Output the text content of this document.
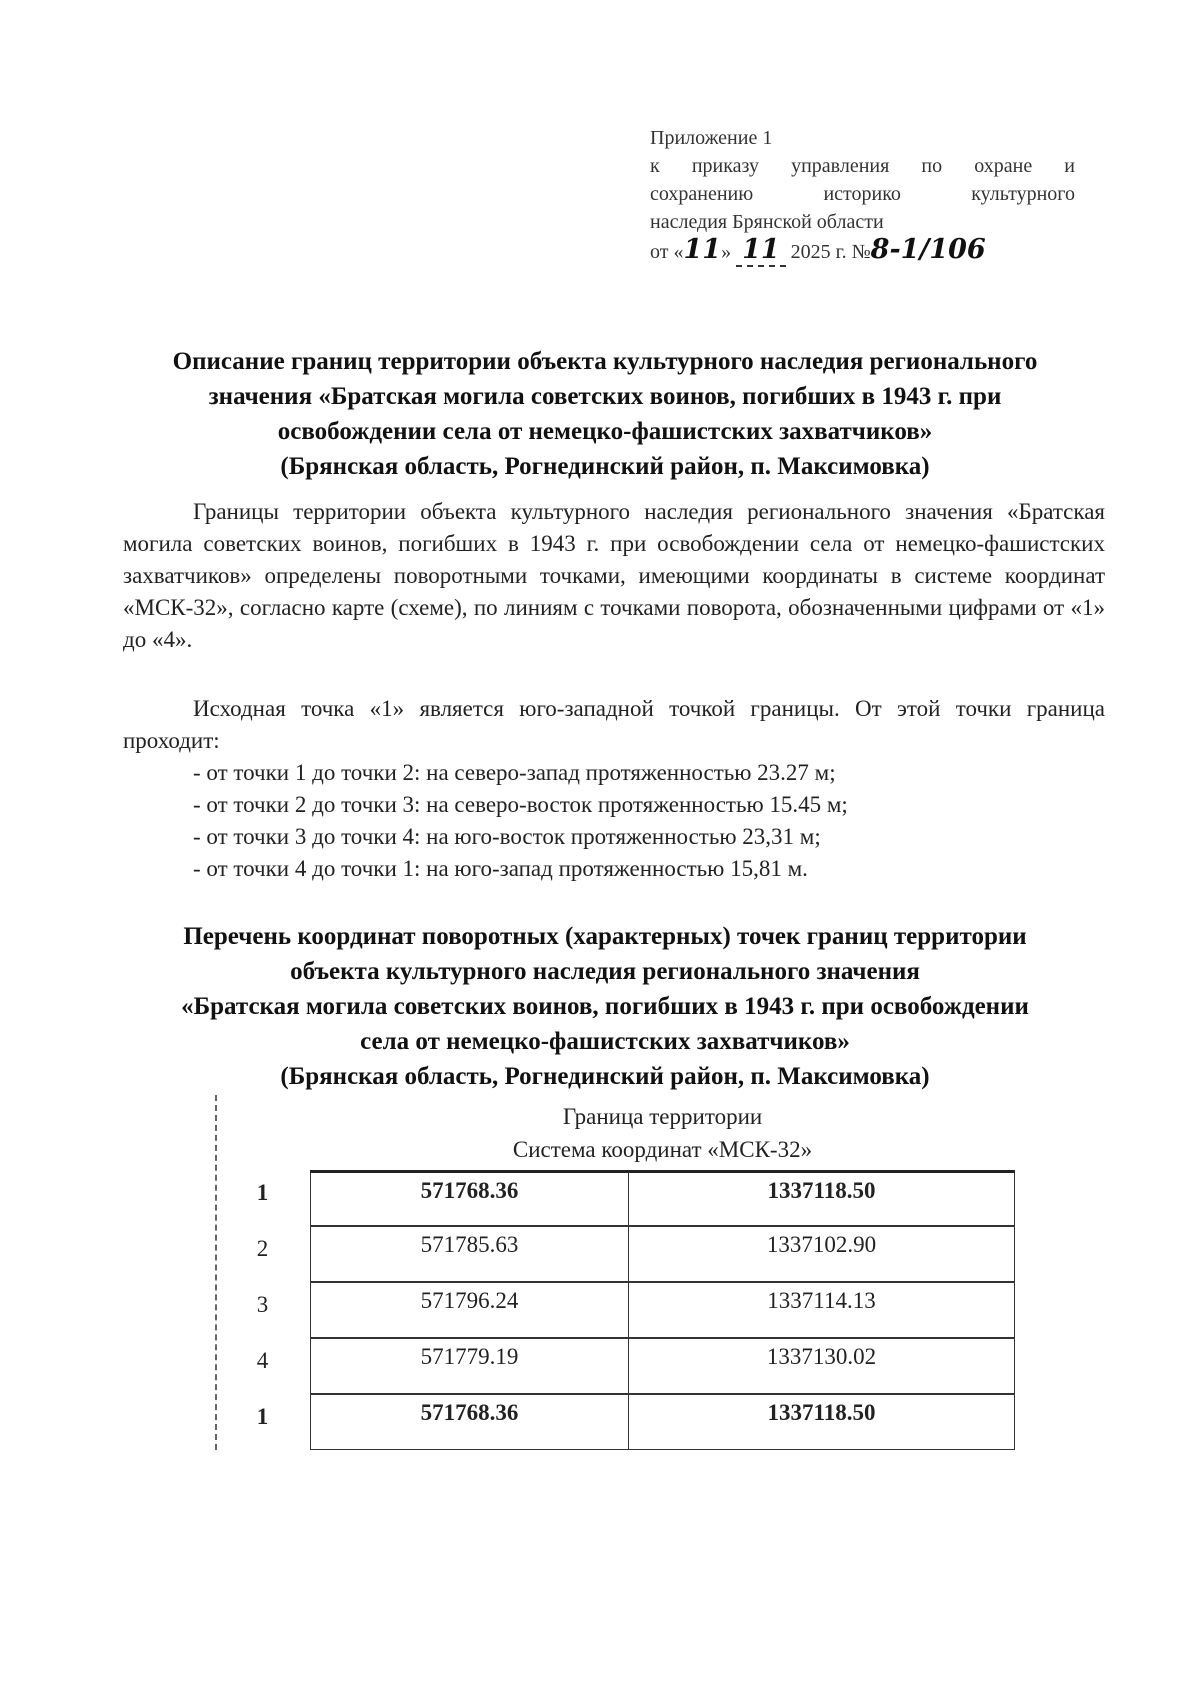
Приложение 1
к приказу управления по охране и
сохранению историко культурного
наследия Брянской области
от «11» 11 2025 г. №8-1/106
Описание границ территории объекта культурного наследия регионального
значения «Братская могила советских воинов, погибших в 1943 г. при
освобождении села от немецко-фашистских захватчиков»
(Брянская область, Рогнединский район, п. Максимовка)
Границы территории объекта культурного наследия регионального значения «Братская могила советских воинов, погибших в 1943 г. при освобождении села от немецко-фашистских захватчиков» определены поворотными точками, имеющими координаты в системе координат «МСК-32», согласно карте (схеме), по линиям с точками поворота, обозначенными цифрами от «1» до «4».
Исходная точка «1» является юго-западной точкой границы. От этой точки граница проходит:
- от точки 1 до точки 2: на северо-запад протяженностью 23.27 м;
- от точки 2 до точки 3: на северо-восток протяженностью 15.45 м;
- от точки 3 до точки 4: на юго-восток протяженностью 23,31 м;
- от точки 4 до точки 1: на юго-запад протяженностью 15,81 м.
Перечень координат поворотных (характерных) точек границ территории
объекта культурного наследия регионального значения
«Братская могила советских воинов, погибших в 1943 г. при освобождении
села от немецко-фашистских захватчиков»
(Брянская область, Рогнединский район, п. Максимовка)
Граница территории
Система координат «МСК-32»
1	571768.36	1337118.50
2	571785.63	1337102.90
3	571796.24	1337114.13
4	571779.19	1337130.02
1	571768.36	1337118.50
